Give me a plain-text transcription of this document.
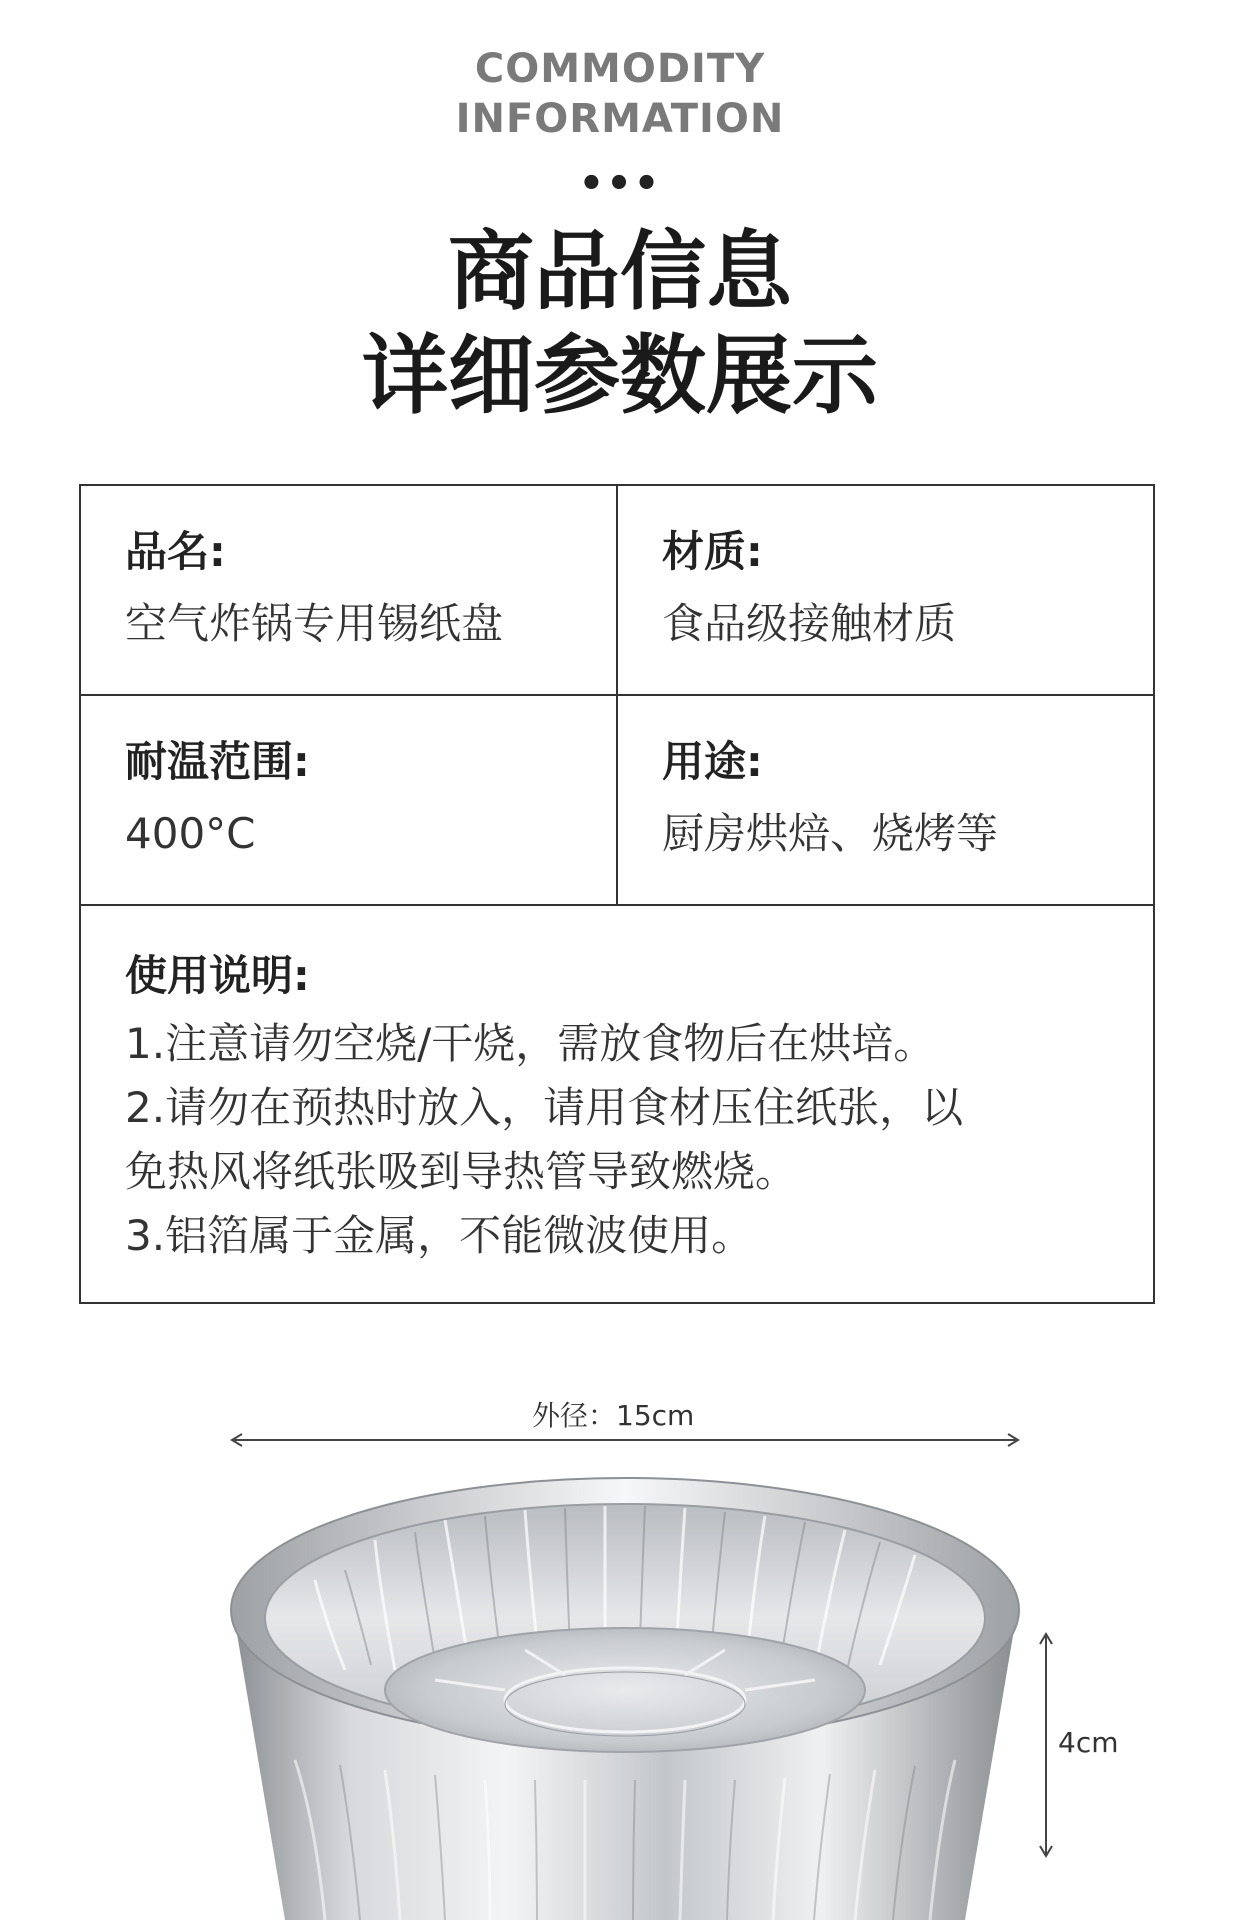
COMMODITY
INFORMATION
•••
商品信息
详细参数展示
品名:
空气炸锅专用锡纸盘
材质:
食品级接触材质
耐温范围:
400°C
用途:
厨房烘焙、烧烤等
使用说明:
1.注意请勿空烧/干烧，需放食物后在烘培。
2.请勿在预热时放入，请用食材压住纸张，以
免热风将纸张吸到导热管导致燃烧。
3.铝箔属于金属，不能微波使用。
外径：15cm
4cm
